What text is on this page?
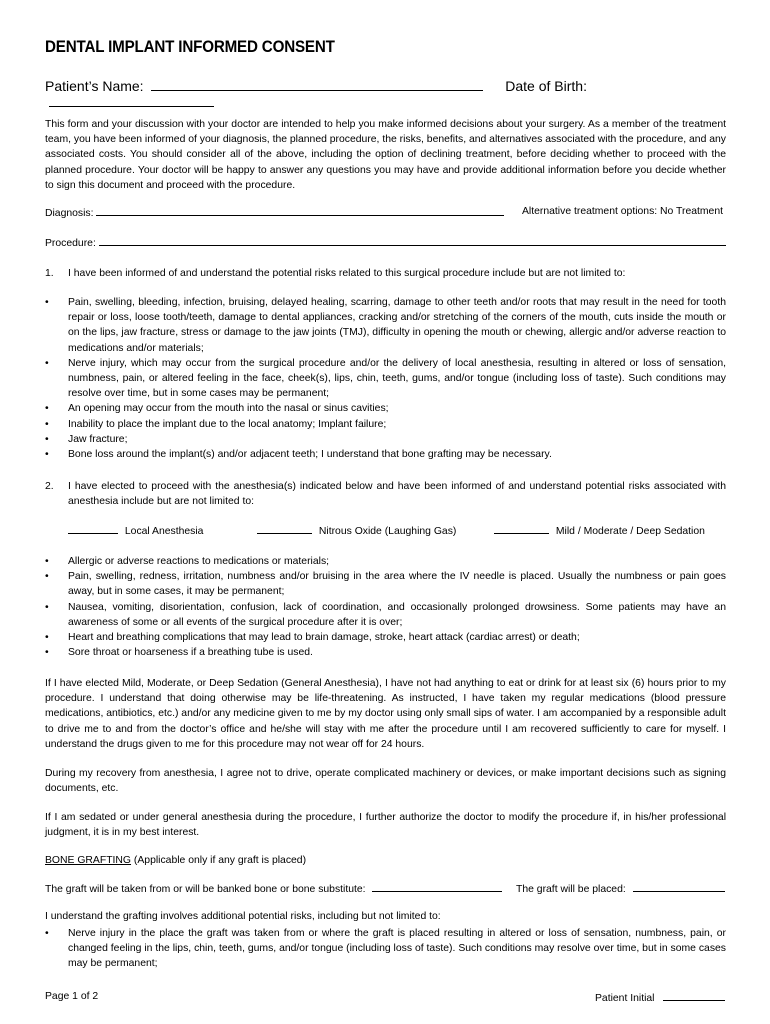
DENTAL IMPLANT INFORMED CONSENT
Patient’s Name:	Date of Birth:
This form and your discussion with your doctor are intended to help you make informed decisions about your surgery. As a member of the treatment team, you have been informed of your diagnosis, the planned procedure, the risks, benefits, and alternatives associated with the procedure, and any associated costs. You should consider all of the above, including the option of declining treatment, before deciding whether to proceed with the planned procedure. Your doctor will be happy to answer any questions you may have and provide additional information before you decide whether to sign this document and proceed with the procedure.
Diagnosis:	Alternative treatment options: No Treatment
Procedure:
1.	I have been informed of and understand the potential risks related to this surgical procedure include but are not limited to:
• Pain, swelling, bleeding, infection, bruising, delayed healing, scarring, damage to other teeth and/or roots that may result in the need for tooth repair or loss, loose tooth/teeth, damage to dental appliances, cracking and/or stretching of the corners of the mouth, cuts inside the mouth or on the lips, jaw fracture, stress or damage to the jaw joints (TMJ), difficulty in opening the mouth or chewing, allergic and/or adverse reaction to medications and/or materials;
• Nerve injury, which may occur from the surgical procedure and/or the delivery of local anesthesia, resulting in altered or loss of sensation, numbness, pain, or altered feeling in the face, cheek(s), lips, chin, teeth, gums, and/or tongue (including loss of taste). Such conditions may resolve over time, but in some cases may be permanent;
• An opening may occur from the mouth into the nasal or sinus cavities;
• Inability to place the implant due to the local anatomy; Implant failure;
• Jaw fracture;
• Bone loss around the implant(s) and/or adjacent teeth; I understand that bone grafting may be necessary.
2.	I have elected to proceed with the anesthesia(s) indicated below and have been informed of and understand potential risks associated with anesthesia include but are not limited to:
Local Anesthesia	Nitrous Oxide (Laughing Gas)	Mild / Moderate / Deep Sedation
• Allergic or adverse reactions to medications or materials;
• Pain, swelling, redness, irritation, numbness and/or bruising in the area where the IV needle is placed. Usually the numbness or pain goes away, but in some cases, it may be permanent;
• Nausea, vomiting, disorientation, confusion, lack of coordination, and occasionally prolonged drowsiness. Some patients may have an awareness of some or all events of the surgical procedure after it is over;
• Heart and breathing complications that may lead to brain damage, stroke, heart attack (cardiac arrest) or death;
• Sore throat or hoarseness if a breathing tube is used.
If I have elected Mild, Moderate, or Deep Sedation (General Anesthesia), I have not had anything to eat or drink for at least six (6) hours prior to my procedure. I understand that doing otherwise may be life-threatening. As instructed, I have taken my regular medications (blood pressure medications, antibiotics, etc.) and/or any medicine given to me by my doctor using only small sips of water. I am accompanied by a responsible adult to drive me to and from the doctor’s office and he/she will stay with me after the procedure until I am recovered sufficiently to care for myself. I understand the drugs given to me for this procedure may not wear off for 24 hours.
During my recovery from anesthesia, I agree not to drive, operate complicated machinery or devices, or make important decisions such as signing documents, etc.
If I am sedated or under general anesthesia during the procedure, I further authorize the doctor to modify the procedure if, in his/her professional judgment, it is in my best interest.
BONE GRAFTING (Applicable only if any graft is placed)
The graft will be taken from or will be banked bone or bone substitute:	The graft will be placed:
I understand the grafting involves additional potential risks, including but not limited to:
• Nerve injury in the place the graft was taken from or where the graft is placed resulting in altered or loss of sensation, numbness, pain, or changed feeling in the lips, chin, teeth, gums, and/or tongue (including loss of taste). Such conditions may resolve over time, but in some cases may be permanent;
Page 1 of 2	Patient Initial
